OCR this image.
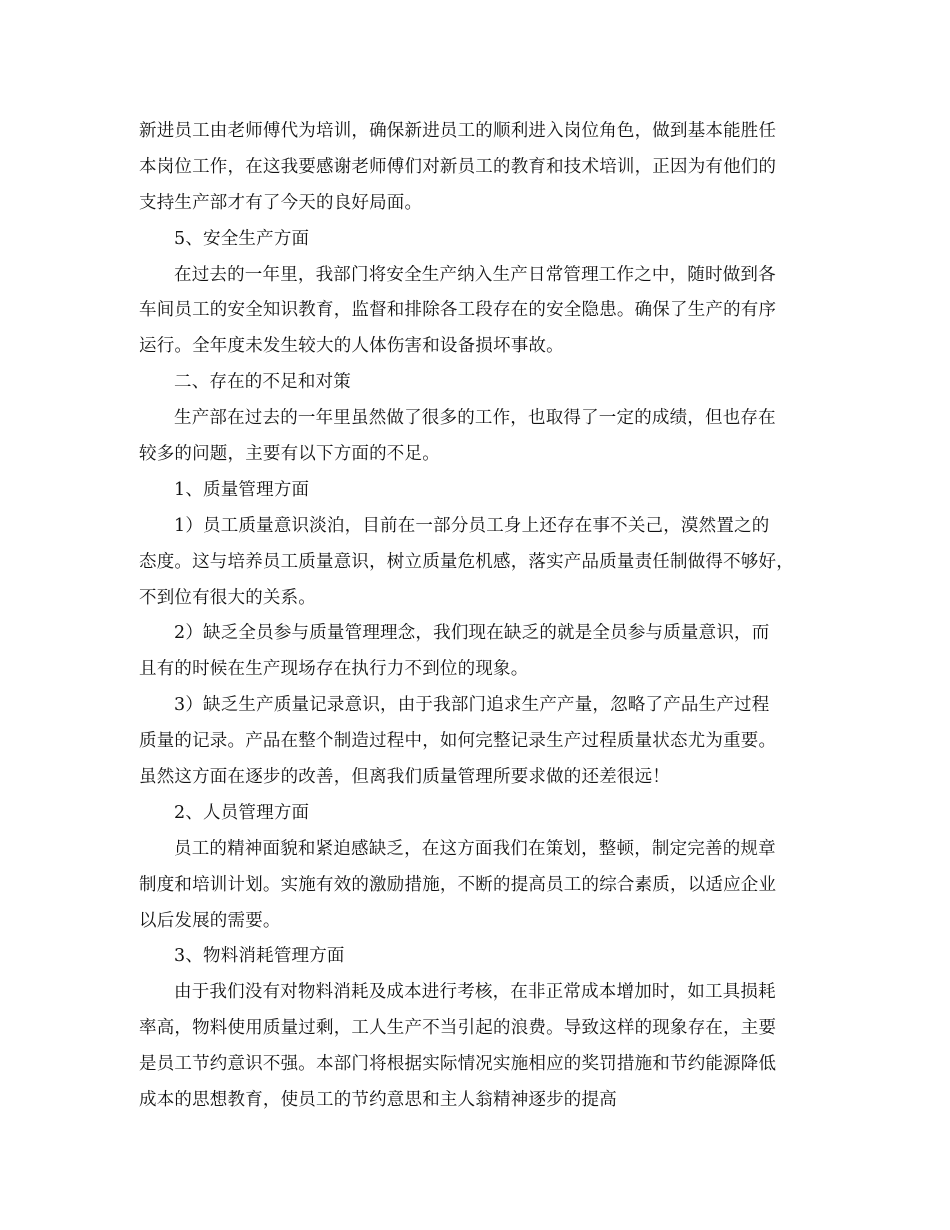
新进员工由老师傅代为培训，确保新进员工的顺利进入岗位角色，做到基本能胜任
本岗位工作，在这我要感谢老师傅们对新员工的教育和技术培训，正因为有他们的
支持生产部才有了今天的良好局面。
5、安全生产方面
在过去的一年里，我部门将安全生产纳入生产日常管理工作之中，随时做到各
车间员工的安全知识教育，监督和排除各工段存在的安全隐患。确保了生产的有序
运行。全年度未发生较大的人体伤害和设备损坏事故。
二、存在的不足和对策
生产部在过去的一年里虽然做了很多的工作，也取得了一定的成绩，但也存在
较多的问题，主要有以下方面的不足。
1、质量管理方面
1）员工质量意识淡泊，目前在一部分员工身上还存在事不关己，漠然置之的
态度。这与培养员工质量意识，树立质量危机感，落实产品质量责任制做得不够好，
不到位有很大的关系。
2）缺乏全员参与质量管理理念，我们现在缺乏的就是全员参与质量意识，而
且有的时候在生产现场存在执行力不到位的现象。
3）缺乏生产质量记录意识，由于我部门追求生产产量，忽略了产品生产过程
质量的记录。产品在整个制造过程中，如何完整记录生产过程质量状态尤为重要。
虽然这方面在逐步的改善，但离我们质量管理所要求做的还差很远！
2、人员管理方面
员工的精神面貌和紧迫感缺乏，在这方面我们在策划，整顿，制定完善的规章
制度和培训计划。实施有效的激励措施，不断的提高员工的综合素质，以适应企业
以后发展的需要。
3、物料消耗管理方面
由于我们没有对物料消耗及成本进行考核，在非正常成本增加时，如工具损耗
率高，物料使用质量过剩，工人生产不当引起的浪费。导致这样的现象存在，主要
是员工节约意识不强。本部门将根据实际情况实施相应的奖罚措施和节约能源降低
成本的思想教育，使员工的节约意思和主人翁精神逐步的提高
